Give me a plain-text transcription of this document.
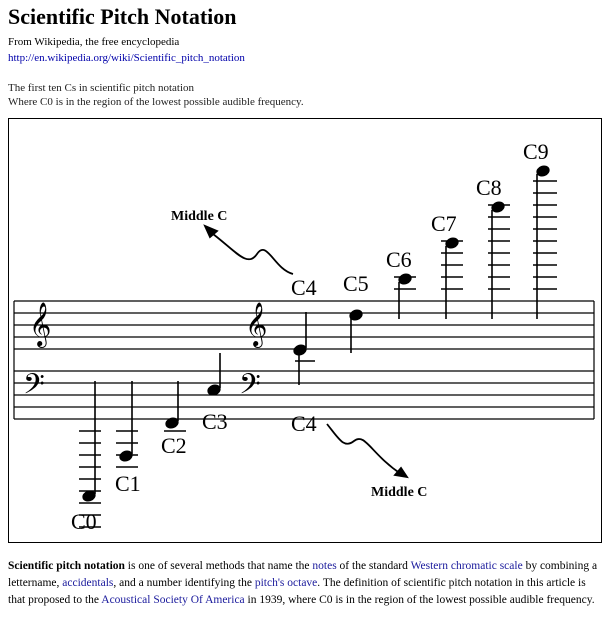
Scientific Pitch Notation
From Wikipedia, the free encyclopedia
http://en.wikipedia.org/wiki/Scientific_pitch_notation
The first ten Cs in scientific pitch notation
Where C0 is in the region of the lowest possible audible frequency.
𝄞
𝄢
𝄞
𝄢
C0
C1
C2
C3
C4 C5
C6
C7
C8
C9
C4
Middle C
Middle C
Scientific pitch notation is one of several methods that name the notes of the standard Western chromatic scale by combining a lettername, accidentals, and a number identifying the pitch's octave. The definition of scientific pitch notation in this article is that proposed to the Acoustical Society Of America in 1939, where C0 is in the region of the lowest possible audible frequency.
